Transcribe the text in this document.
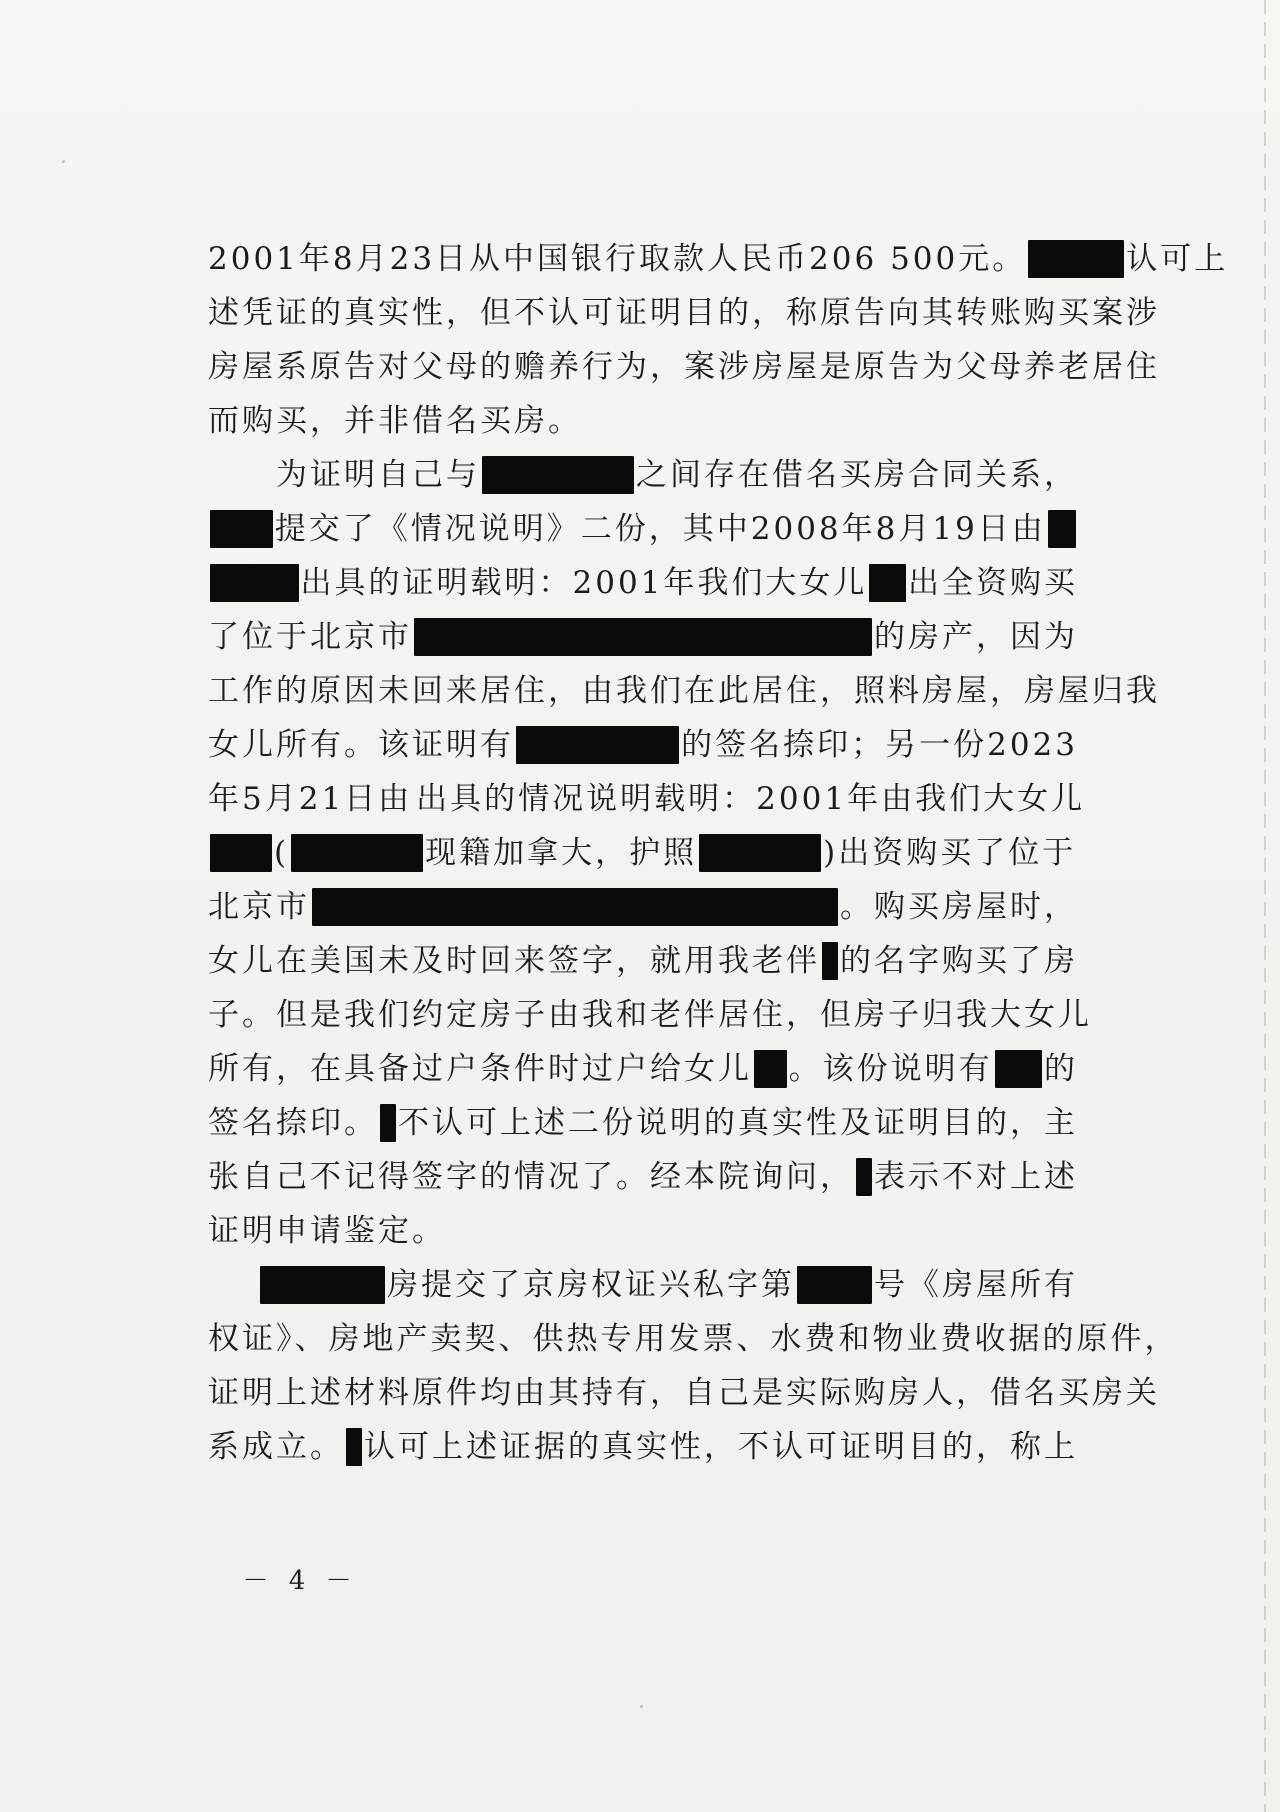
2001年8月23日从中国银行取款人民币206 500元。	认可上
述凭证的真实性，但不认可证明目的，称原告向其转账购买案涉
房屋系原告对父母的赡养行为，案涉房屋是原告为父母养老居住
而购买，并非借名买房。
为证明自己与	之间存在借名买房合同关系，
提交了《情况说明》二份，其中2008年8月19日由
出具的证明载明：2001年我们大女儿 出全资购买
了位于北京市	的房产，因为
工作的原因未回来居住，由我们在此居住，照料房屋，房屋归我
女儿所有。该证明有	的签名捺印；另一份2023
年5月21日由 出具的情况说明载明：2001年由我们大女儿
(	现籍加拿大，护照	)出资购买了位于
北京市	。购买房屋时，
女儿在美国未及时回来签字，就用我老伴 的名字购买了房
子。但是我们约定房子由我和老伴居住，但房子归我大女儿
所有，在具备过户条件时过户给女儿 。该份说明有 的
签名捺印。 不认可上述二份说明的真实性及证明目的，主
张自己不记得签字的情况了。经本院询问， 表示不对上述
证明申请鉴定。
房提交了京房权证兴私字第	号《房屋所有
权证》、房地产卖契、供热专用发票、水费和物业费收据的原件，
证明上述材料原件均由其持有，自己是实际购房人，借名买房关
系成立。 认可上述证据的真实性，不认可证明目的，称上
－ 4 －
